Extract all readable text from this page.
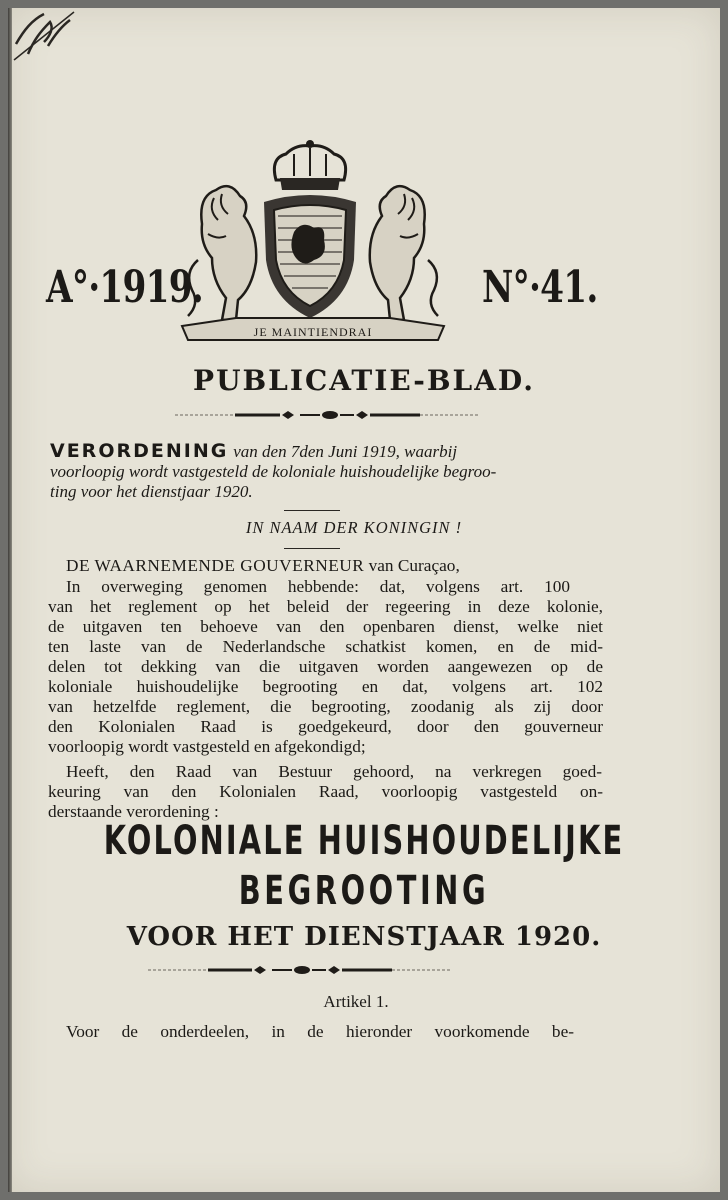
JE MAINTIENDRAI
A°·1919.	N°·41.
PUBLICATIE-BLAD.
VERORDENING van den 7den Juni 1919, waarbij
voorloopig wordt vastgesteld de koloniale huishoudelijke begroo-
ting voor het dienstjaar 1920.
IN NAAM DER KONINGIN !
DE WAARNEMENDE GOUVERNEUR van Curaçao,
In overweging genomen hebbende: dat, volgens art. 100
van het reglement op het beleid der regeering in deze kolonie,
de uitgaven ten behoeve van den openbaren dienst, welke niet
ten laste van de Nederlandsche schatkist komen, en de mid-
delen tot dekking van die uitgaven worden aangewezen op de
koloniale huishoudelijke begrooting en dat, volgens art. 102
van hetzelfde reglement, die begrooting, zoodanig als zij door
den Kolonialen Raad is goedgekeurd, door den gouverneur
voorloopig wordt vastgesteld en afgekondigd;
Heeft, den Raad van Bestuur gehoord, na verkregen goed-
keuring van den Kolonialen Raad, voorloopig vastgesteld on-
derstaande verordening :
KOLONIALE HUISHOUDELIJKE
BEGROOTING
VOOR HET DIENSTJAAR 1920.
Artikel 1.
Voor de onderdeelen, in de hieronder voorkomende be-
